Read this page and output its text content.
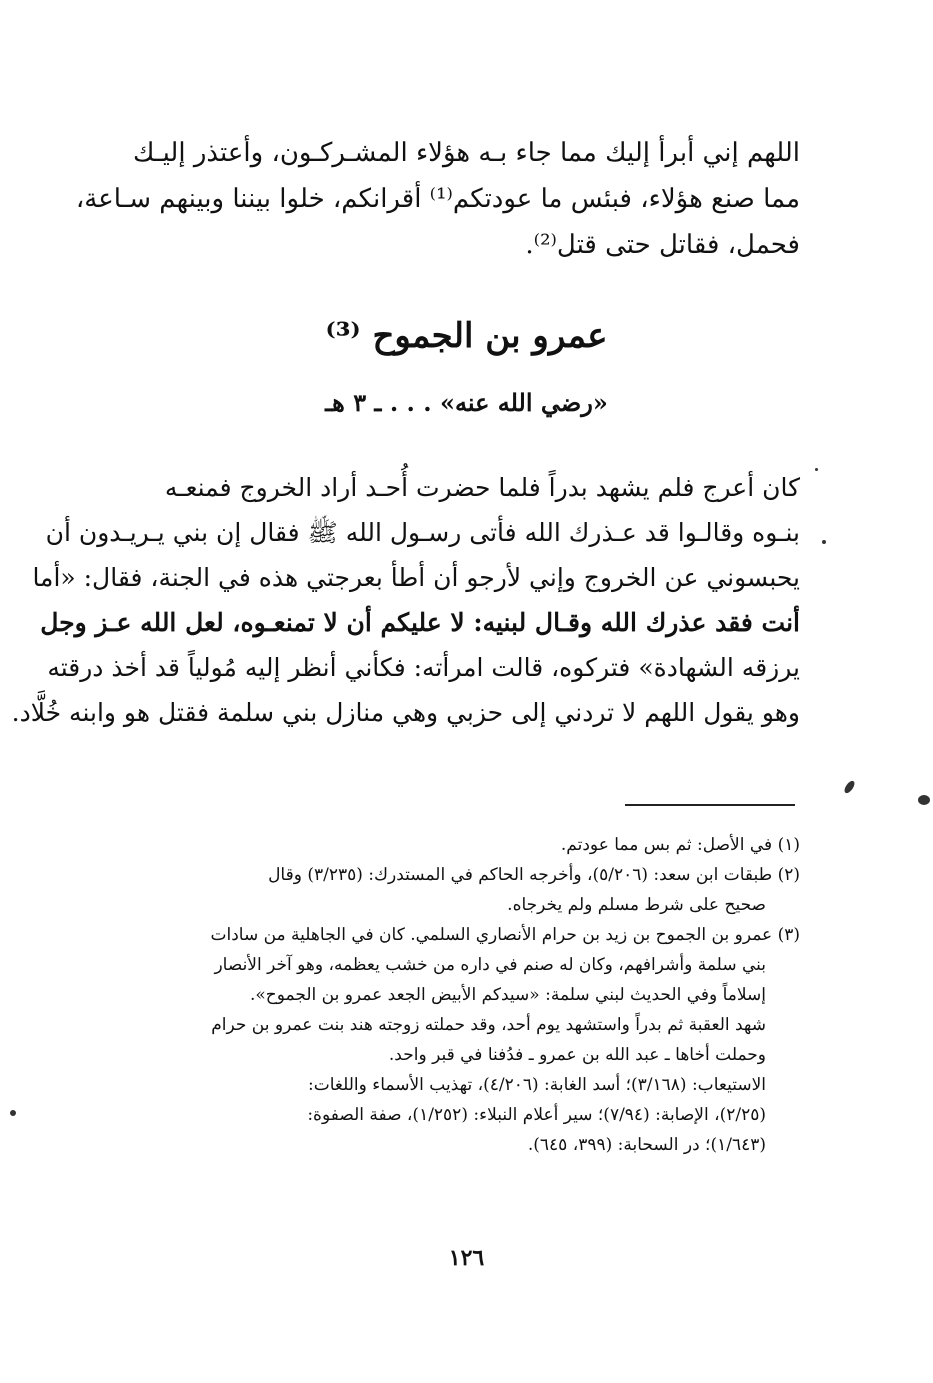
اللهم إني أبرأ إليك مما جاء بـه هؤلاء المشـركـون، وأعتذر إليـك
مما صنع هؤلاء، فبئس ما عودتكم⁽¹⁾ أقرانكم، خلوا بيننا وبينهم سـاعة،
فحمل، فقاتل حتى قتل⁽²⁾.
عمرو بن الجموح ⁽³⁾
«رضي الله عنه» . . . ـ ٣ هـ
كان أعرج فلم يشهد بدراً فلما حضرت أُحـد أراد الخروج فمنعـه
بنـوه وقالـوا قد عـذرك الله فأتى رسـول الله ﷺ فقال إن بني يـريـدون أن
يحبسوني عن الخروج وإني لأرجو أن أطأ بعرجتي هذه في الجنة، فقال: «أما
أنت فقد عذرك الله وقـال لبنيه: لا عليكم أن لا تمنعـوه، لعل الله عـز وجل
يرزقه الشهادة» فتركوه، قالت امرأته: فكأني أنظر إليه مُولياً قد أخذ درقته
وهو يقول اللهم لا تردني إلى حزبي وهي منازل بني سلمة فقتل هو وابنه خُلَّاد.
(١) في الأصل: ثم بس مما عودتم.
(٢) طبقات ابن سعد: (٥/٢٠٦)، وأخرجه الحاكم في المستدرك: (٣/٢٣٥) وقال
صحيح على شرط مسلم ولم يخرجاه.
(٣) عمرو بن الجموح بن زيد بن حرام الأنصاري السلمي. كان في الجاهلية من سادات
بني سلمة وأشرافهم، وكان له صنم في داره من خشب يعظمه، وهو آخر الأنصار
إسلاماً وفي الحديث لبني سلمة: «سيدكم الأبيض الجعد عمرو بن الجموح».
شهد العقبة ثم بدراً واستشهد يوم أحد، وقد حملته زوجته هند بنت عمرو بن حرام
وحملت أخاها ـ عبد الله بن عمرو ـ فدُفنا في قبر واحد.
الاستيعاب: (٣/١٦٨)؛ أسد الغابة: (٤/٢٠٦)، تهذيب الأسماء واللغات:
(٢/٢٥)، الإصابة: (٧/٩٤)؛ سير أعلام النبلاء: (١/٢٥٢)، صفة الصفوة:
(١/٦٤٣)؛ در السحابة: (٣٩٩، ٦٤٥).
١٢٦
